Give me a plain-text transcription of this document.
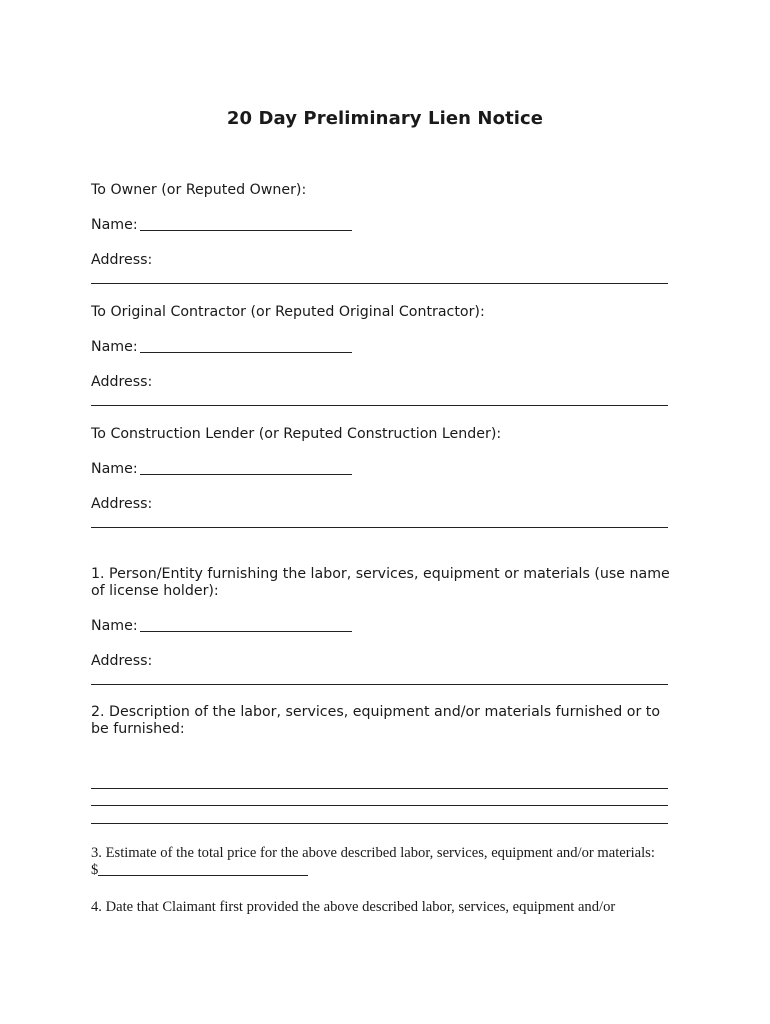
20 Day Preliminary Lien Notice
To Owner (or Reputed Owner):
Name:
Address:
To Original Contractor (or Reputed Original Contractor):
Name:
Address:
To Construction Lender (or Reputed Construction Lender):
Name:
Address:
1. Person/Entity furnishing the labor, services, equipment or materials (use name of license holder):
Name:
Address:
2. Description of the labor, services, equipment and/or materials furnished or to be furnished:
3. Estimate of the total price for the above described labor, services, equipment and/or materials:
$
4. Date that Claimant first provided the above described labor, services, equipment and/or
